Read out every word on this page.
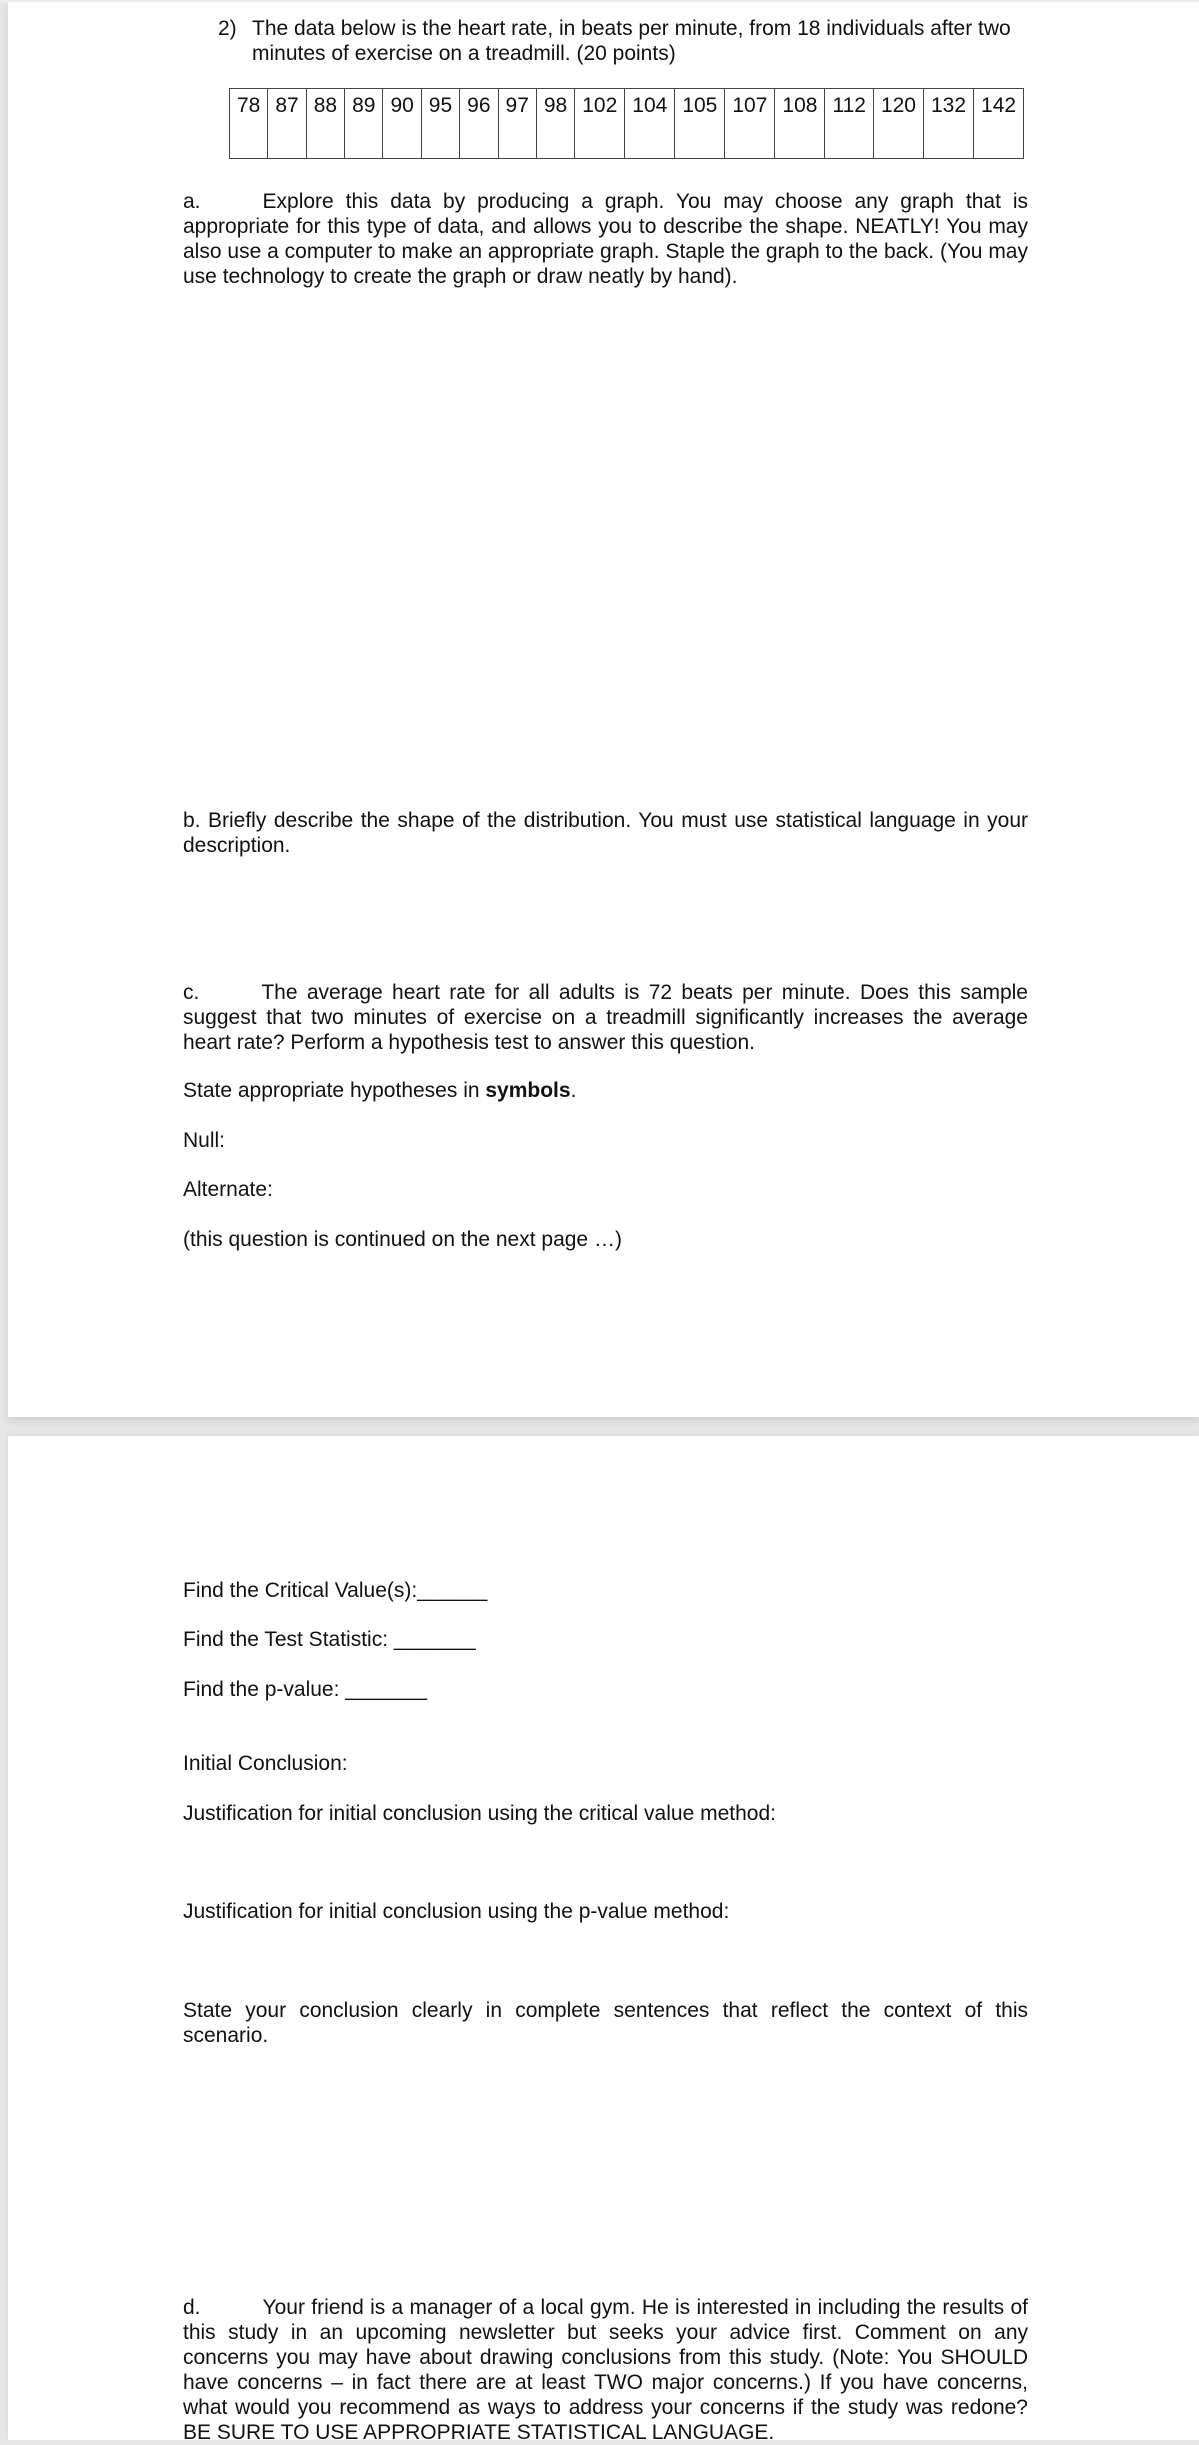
2) The data below is the heart rate, in beats per minute, from 18 individuals after two minutes of exercise on a treadmill. (20 points)
78	87	88	89	90	95	96	97	98	102	104	105	107	108	112	120	132	142
a.	Explore this data by producing a graph. You may choose any graph that is appropriate for this type of data, and allows you to describe the shape. NEATLY! You may also use a computer to make an appropriate graph. Staple the graph to the back. (You may use technology to create the graph or draw neatly by hand).
b. Briefly describe the shape of the distribution. You must use statistical language in your description.
c.	The average heart rate for all adults is 72 beats per minute. Does this sample suggest that two minutes of exercise on a treadmill significantly increases the average heart rate? Perform a hypothesis test to answer this question.
State appropriate hypotheses in symbols.
Null:
Alternate:
(this question is continued on the next page …)
Find the Critical Value(s):______
Find the Test Statistic: _______
Find the p-value: _______
Initial Conclusion:
Justification for initial conclusion using the critical value method:
Justification for initial conclusion using the p-value method:
State your conclusion clearly in complete sentences that reflect the context of this scenario.
d.	Your friend is a manager of a local gym. He is interested in including the results of this study in an upcoming newsletter but seeks your advice first. Comment on any concerns you may have about drawing conclusions from this study. (Note: You SHOULD have concerns – in fact there are at least TWO major concerns.) If you have concerns, what would you recommend as ways to address your concerns if the study was redone? BE SURE TO USE APPROPRIATE STATISTICAL LANGUAGE.
